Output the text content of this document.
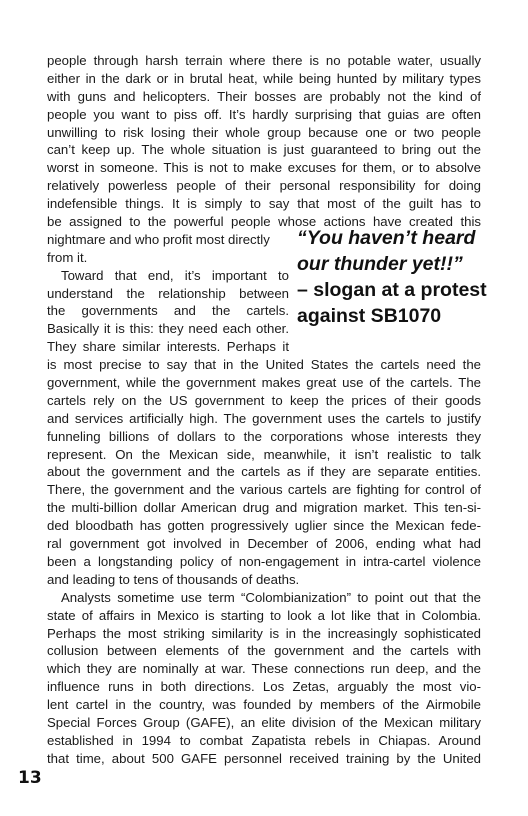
people through harsh terrain where there is no potable water, usually
either in the dark or in brutal heat, while being hunted by military types
with guns and helicopters. Their bosses are probably not the kind of
people you want to piss off. It’s hardly surprising that guias are often
unwilling to risk losing their whole group because one or two people
can’t keep up. The whole situation is just guaranteed to bring out the
worst in someone. This is not to make excuses for them, or to absolve
relatively powerless people of their personal responsibility for doing
indefensible things. It is simply to say that most of the guilt has to
be assigned to the powerful people whose actions have created this
“You haven’t heard
our thunder yet!!”
– slogan at a protest
against SB1070
nightmare and who profit most directly
from it.
Toward that end, it’s important to
understand the relationship between
the governments and the cartels.
Basically it is this: they need each other.
They share similar interests. Perhaps it
is most precise to say that in the United States the cartels need the
government, while the government makes great use of the cartels. The
cartels rely on the US government to keep the prices of their goods
and services artificially high. The government uses the cartels to justify
funneling billions of dollars to the corporations whose interests they
represent. On the Mexican side, meanwhile, it isn’t realistic to talk
about the government and the cartels as if they are separate entities.
There, the government and the various cartels are fighting for control of
the multi-billion dollar American drug and migration market. This ten-si-
ded bloodbath has gotten progressively uglier since the Mexican fede-
ral government got involved in December of 2006, ending what had
been a longstanding policy of non-engagement in intra-cartel violence
and leading to tens of thousands of deaths.
Analysts sometime use term “Colombianization” to point out that the
state of affairs in Mexico is starting to look a lot like that in Colombia.
Perhaps the most striking similarity is in the increasingly sophisticated
collusion between elements of the government and the cartels with
which they are nominally at war. These connections run deep, and the
influence runs in both directions. Los Zetas, arguably the most vio-
lent cartel in the country, was founded by members of the Airmobile
Special Forces Group (GAFE), an elite division of the Mexican military
established in 1994 to combat Zapatista rebels in Chiapas. Around
that time, about 500 GAFE personnel received training by the United
13
